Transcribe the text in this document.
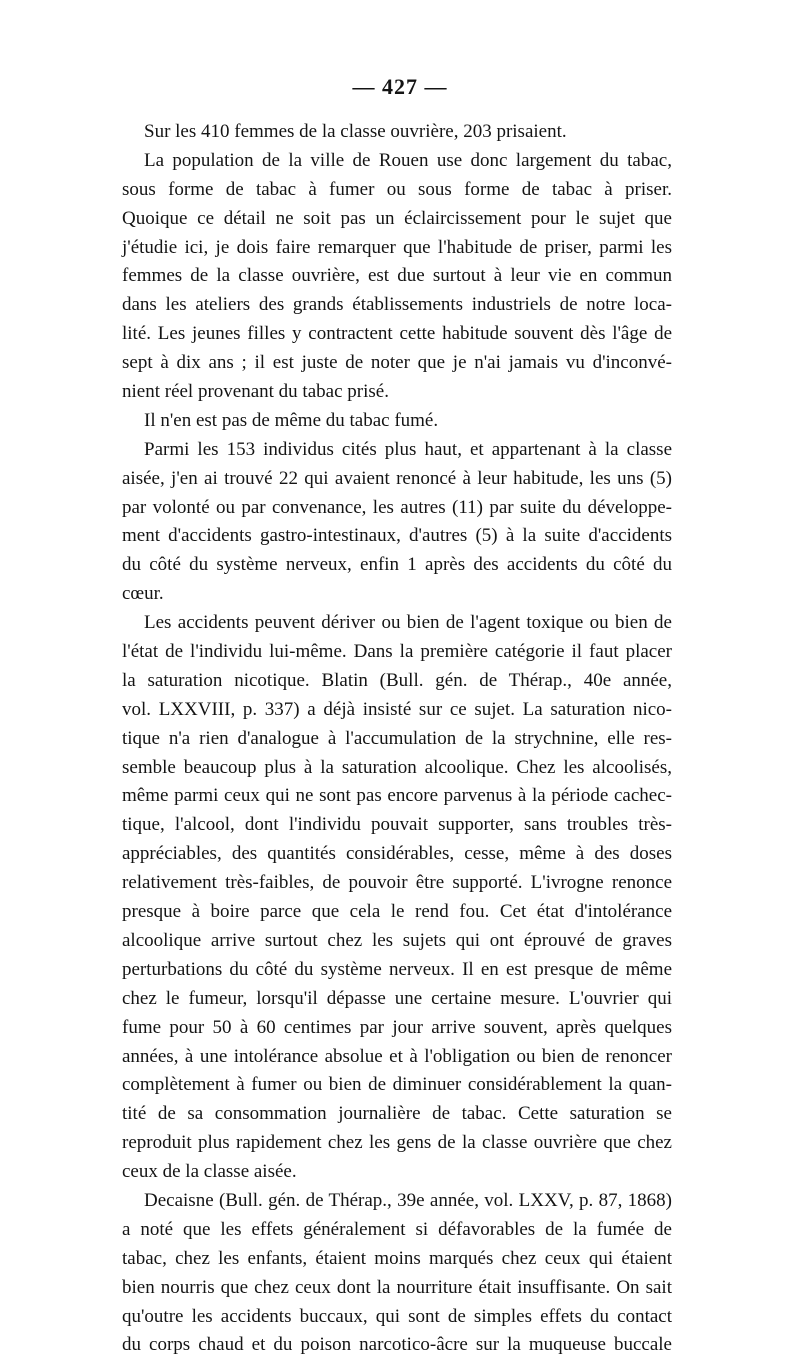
— 427 —
Sur les 410 femmes de la classe ouvrière, 203 prisaient.
La population de la ville de Rouen use donc largement du tabac,
sous forme de tabac à fumer ou sous forme de tabac à priser.
Quoique ce détail ne soit pas un éclaircissement pour le sujet que
j'étudie ici, je dois faire remarquer que l'habitude de priser, parmi les
femmes de la classe ouvrière, est due surtout à leur vie en commun
dans les ateliers des grands établissements industriels de notre loca-
lité. Les jeunes filles y contractent cette habitude souvent dès l'âge de
sept à dix ans ; il est juste de noter que je n'ai jamais vu d'inconvé-
nient réel provenant du tabac prisé.
Il n'en est pas de même du tabac fumé.
Parmi les 153 individus cités plus haut, et appartenant à la classe
aisée, j'en ai trouvé 22 qui avaient renoncé à leur habitude, les uns (5)
par volonté ou par convenance, les autres (11) par suite du développe-
ment d'accidents gastro-intestinaux, d'autres (5) à la suite d'accidents
du côté du système nerveux, enfin 1 après des accidents du côté du
cœur.
Les accidents peuvent dériver ou bien de l'agent toxique ou bien de
l'état de l'individu lui-même. Dans la première catégorie il faut placer
la saturation nicotique. Blatin (Bull. gén. de Thérap., 40e année,
vol. LXXVIII, p. 337) a déjà insisté sur ce sujet. La saturation nico-
tique n'a rien d'analogue à l'accumulation de la strychnine, elle res-
semble beaucoup plus à la saturation alcoolique. Chez les alcoolisés,
même parmi ceux qui ne sont pas encore parvenus à la période cachec-
tique, l'alcool, dont l'individu pouvait supporter, sans troubles très-
appréciables, des quantités considérables, cesse, même à des doses
relativement très-faibles, de pouvoir être supporté. L'ivrogne renonce
presque à boire parce que cela le rend fou. Cet état d'intolérance
alcoolique arrive surtout chez les sujets qui ont éprouvé de graves
perturbations du côté du système nerveux. Il en est presque de même
chez le fumeur, lorsqu'il dépasse une certaine mesure. L'ouvrier qui
fume pour 50 à 60 centimes par jour arrive souvent, après quelques
années, à une intolérance absolue et à l'obligation ou bien de renoncer
complètement à fumer ou bien de diminuer considérablement la quan-
tité de sa consommation journalière de tabac. Cette saturation se
reproduit plus rapidement chez les gens de la classe ouvrière que chez
ceux de la classe aisée.
Decaisne (Bull. gén. de Thérap., 39e année, vol. LXXV, p. 87, 1868)
a noté que les effets généralement si défavorables de la fumée de
tabac, chez les enfants, étaient moins marqués chez ceux qui étaient
bien nourris que chez ceux dont la nourriture était insuffisante. On sait
qu'outre les accidents buccaux, qui sont de simples effets du contact
du corps chaud et du poison narcotico-âcre sur la muqueuse buccale
